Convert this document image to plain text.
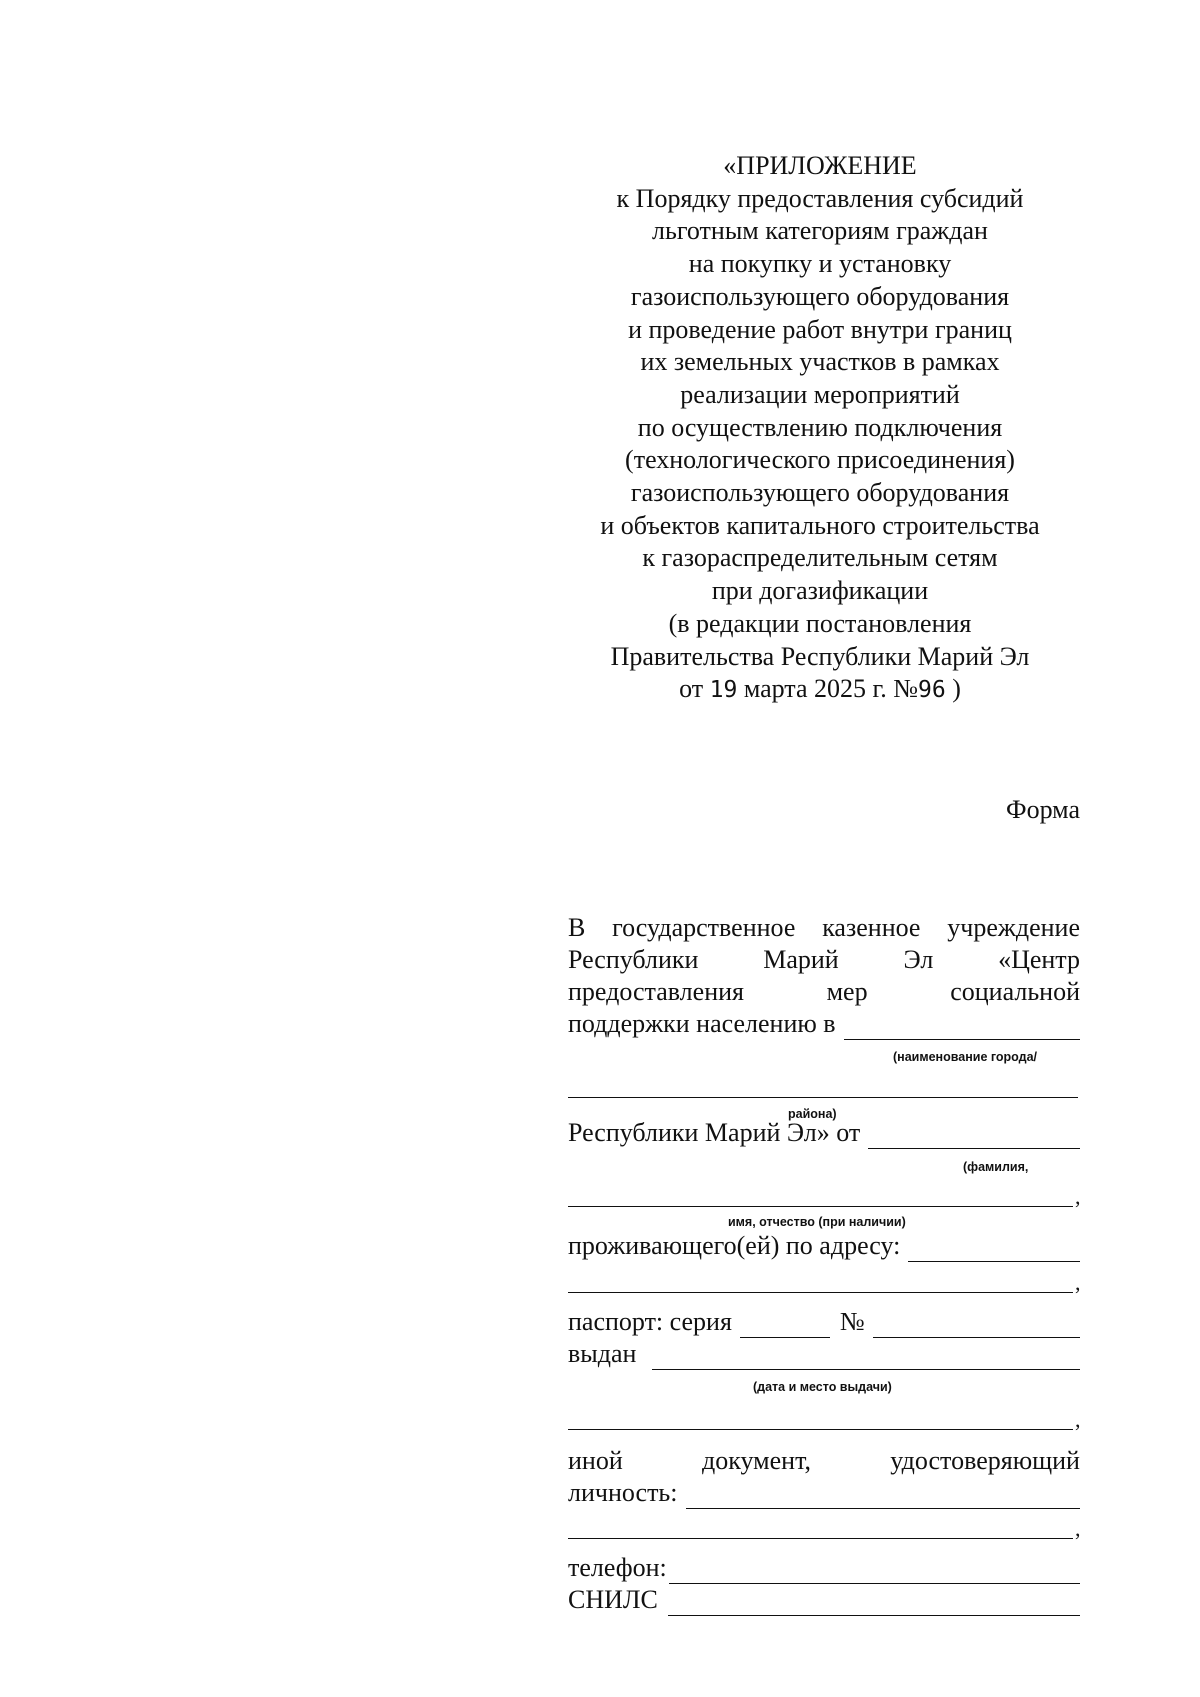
«ПРИЛОЖЕНИЕ
к Порядку предоставления субсидий
льготным категориям граждан
на покупку и установку
газоиспользующего оборудования
и проведение работ внутри границ
их земельных участков в рамках
реализации мероприятий
по осуществлению подключения
(технологического присоединения)
газоиспользующего оборудования
и объектов капитального строительства
к газораспределительным сетям
при догазификации
(в редакции постановления
Правительства Республики Марий Эл
от 19 марта 2025 г. №96 )
Форма
В государственное казенное учреждение
Республики Марий Эл «Центр
предоставления	мер	социальной
поддержки населению в
(наименование города/
района)
Республики Марий Эл» от
(фамилия,
,
имя, отчество (при наличии)
проживающего(ей) по адресу:
,
паспорт: серия	№
выдан
(дата и место выдачи)
,
иной	документ,	удостоверяющий
личность:
,
телефон:
СНИЛС
